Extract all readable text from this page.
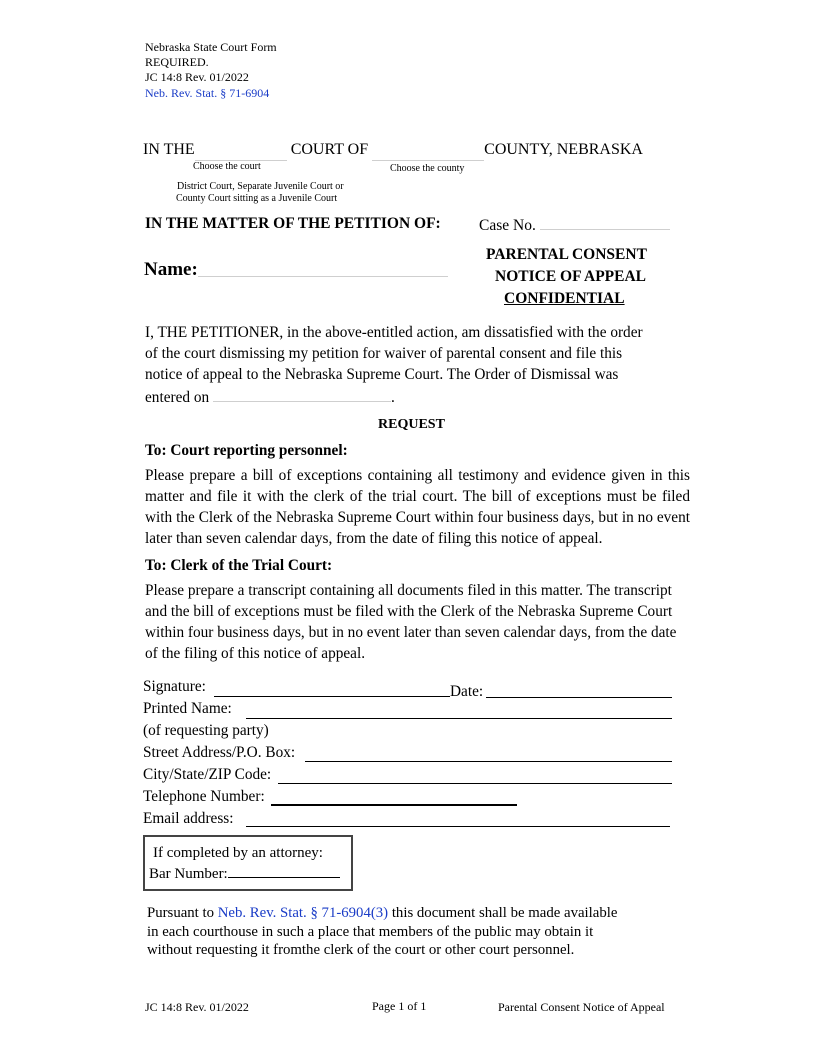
Nebraska State Court Form
REQUIRED.
JC 14:8 Rev. 01/2022
Neb. Rev. Stat. § 71-6904
IN THE	COURT OF	COUNTY, NEBRASKA
Choose the court	Choose the county
District Court, Separate Juvenile Court or
County Court sitting as a Juvenile Court
IN THE MATTER OF THE PETITION OF: Case No.
Name:
PARENTAL CONSENT
NOTICE OF APPEAL
CONFIDENTIAL
I, THE PETITIONER, in the above-entitled action, am dissatisfied with the order
of the court dismissing my petition for waiver of parental consent and file this
notice of appeal to the Nebraska Supreme Court. The Order of Dismissal was
entered on	.
REQUEST
To: Court reporting personnel:
Please prepare a bill of exceptions containing all testimony and evidence given in this matter and file it with the clerk of the trial court. The bill of exceptions must be filed with the Clerk of the Nebraska Supreme Court within four business days, but in no event later than seven calendar days, from the date of filing this notice of appeal.
To: Clerk of the Trial Court:
Please prepare a transcript containing all documents filed in this matter. The transcript and the bill of exceptions must be filed with the Clerk of the Nebraska Supreme Court within four business days, but in no event later than seven calendar days, from the date of the filing of this notice of appeal.
Signature:	Date:
Printed Name:
(of requesting party)
Street Address/P.O. Box:
City/State/ZIP Code:
Telephone Number:
Email address:
If completed by an attorney:
Bar Number:
Pursuant to Neb. Rev. Stat. § 71-6904(3) this document shall be made available
in each courthouse in such a place that members of the public may obtain it
without requesting it fromthe clerk of the court or other court personnel.
JC 14:8 Rev. 01/2022	Page 1 of 1	Parental Consent Notice of Appeal
